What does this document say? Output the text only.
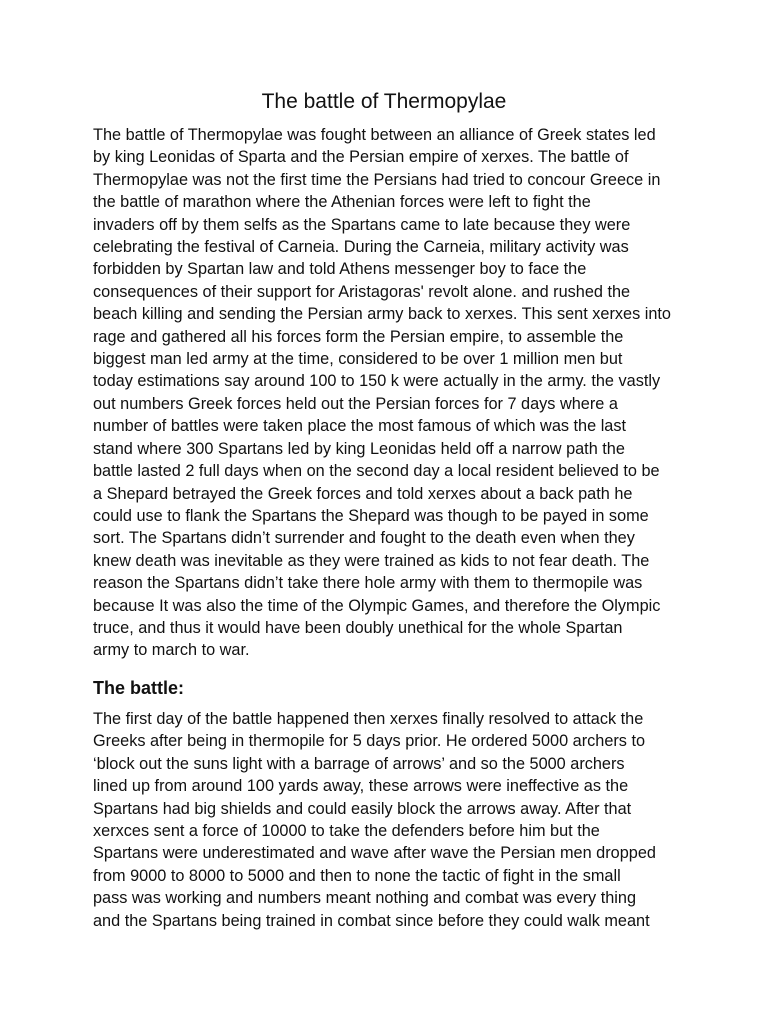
The battle of Thermopylae
The battle of Thermopylae was fought between an alliance of Greek states led
by king Leonidas of Sparta and the Persian empire of xerxes. The battle of
Thermopylae was not the first time the Persians had tried to concour Greece in
the battle of marathon where the Athenian forces were left to fight the
invaders off by them selfs as the Spartans came to late because they were
celebrating the festival of Carneia. During the Carneia, military activity was
forbidden by Spartan law and told Athens messenger boy to face the
consequences of their support for Aristagoras' revolt alone. and rushed the
beach killing and sending the Persian army back to xerxes. This sent xerxes into
rage and gathered all his forces form the Persian empire, to assemble the
biggest man led army at the time, considered to be over 1 million men but
today estimations say around 100 to 150 k were actually in the army. the vastly
out numbers Greek forces held out the Persian forces for 7 days where a
number of battles were taken place the most famous of which was the last
stand where 300 Spartans led by king Leonidas held off a narrow path the
battle lasted 2 full days when on the second day a local resident believed to be
a Shepard betrayed the Greek forces and told xerxes about a back path he
could use to flank the Spartans the Shepard was though to be payed in some
sort. The Spartans didn’t surrender and fought to the death even when they
knew death was inevitable as they were trained as kids to not fear death. The
reason the Spartans didn’t take there hole army with them to thermopile was
because It was also the time of the Olympic Games, and therefore the Olympic
truce, and thus it would have been doubly unethical for the whole Spartan
army to march to war.
The battle:
The first day of the battle happened then xerxes finally resolved to attack the
Greeks after being in thermopile for 5 days prior. He ordered 5000 archers to
‘block out the suns light with a barrage of arrows’ and so the 5000 archers
lined up from around 100 yards away, these arrows were ineffective as the
Spartans had big shields and could easily block the arrows away. After that
xerxces sent a force of 10000 to take the defenders before him but the
Spartans were underestimated and wave after wave the Persian men dropped
from 9000 to 8000 to 5000 and then to none the tactic of fight in the small
pass was working and numbers meant nothing and combat was every thing
and the Spartans being trained in combat since before they could walk meant
